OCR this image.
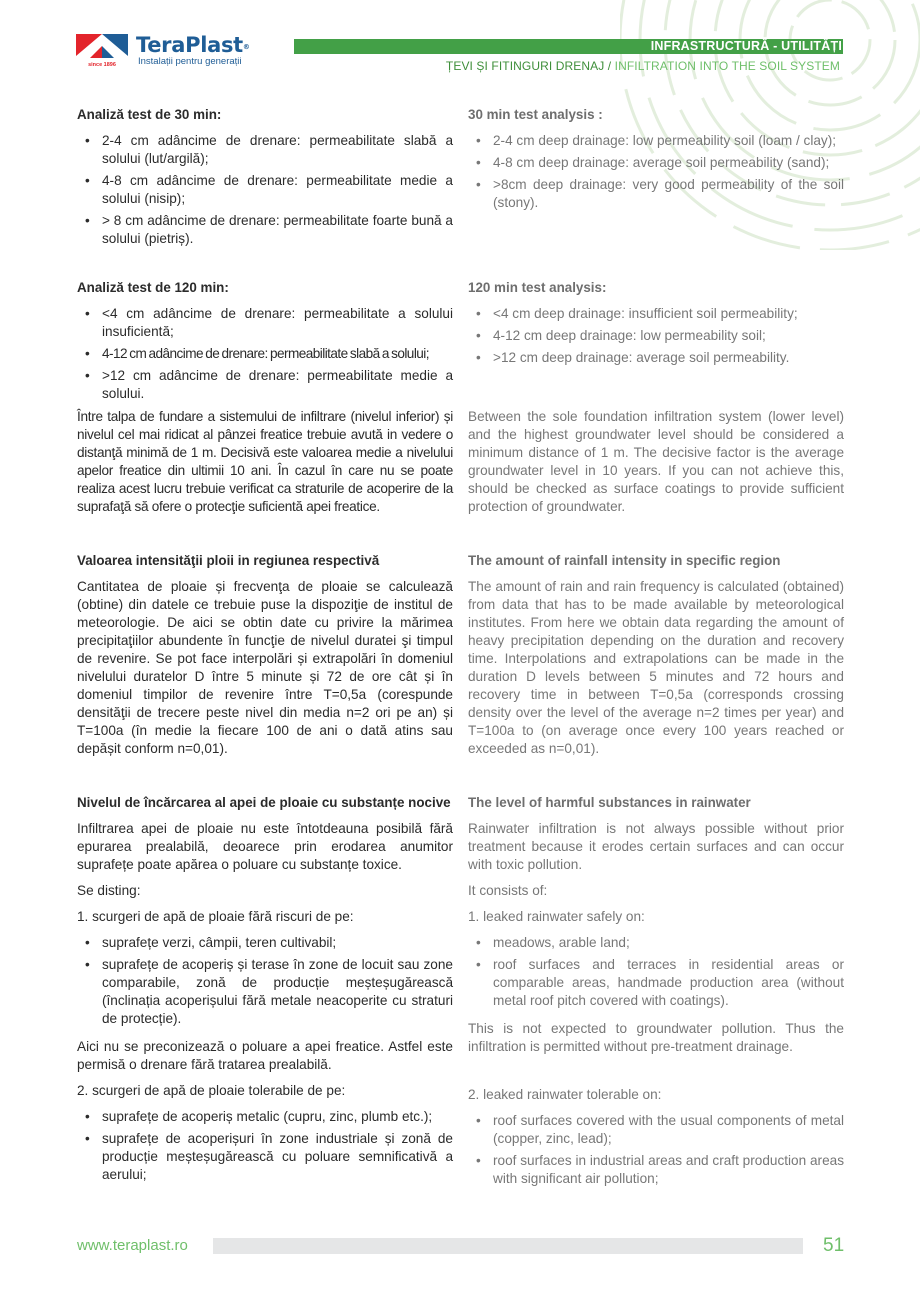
since 1896
TeraPlast®
Instalații pentru generații
INFRASTRUCTURĂ - UTILITĂȚI
ȚEVI ȘI FITINGURI DRENAJ / INFILTRATION INTO THE SOIL SYSTEM
Analiză test de 30 min:
• 2-4 cm adâncime de drenare: permeabilitate slabă a solului (lut/argilă);
• 4-8 cm adâncime de drenare: permeabilitate medie a solului (nisip);
• > 8 cm adâncime de drenare: permeabilitate foarte bună a solului (pietriș).
Analiză test de 120 min:
• <4 cm adâncime de drenare: permeabilitate a solului insuficientă;
• 4-12 cm adâncime de drenare: permeabilitate slabă a solului;
• >12 cm adâncime de drenare: permeabilitate medie a solului.

Între talpa de fundare a sistemului de infiltrare (nivelul inferior) și nivelul cel mai ridicat al pânzei freatice trebuie avută in vedere o distanţă minimă de 1 m. Decisivă este valoarea medie a nivelului apelor freatice din ultimii 10 ani. În cazul în care nu se poate realiza acest lucru trebuie verificat ca straturile de acoperire de la suprafaţă să ofere o protecţie suficientă apei freatice.

Valoarea intensităţii ploii in regiunea respectivă

Cantitatea de ploaie și frecvenţa de ploaie se calculează (obtine) din datele ce trebuie puse la dispoziţie de institul de meteorologie. De aici se obtin date cu privire la mărimea precipitaţiilor abundente în funcţie de nivelul duratei şi timpul de revenire. Se pot face interpolări și extrapolări în domeniul nivelului duratelor D între 5 minute și 72 de ore cât și în domeniul timpilor de revenire între T=0,5a (corespunde densităţii de trecere peste nivel din media n=2 ori pe an) și T=100a (în medie la fiecare 100 de ani o dată atins sau depășit conform n=0,01).

Nivelul de încărcarea al apei de ploaie cu substanțe nocive

Infiltrarea apei de ploaie nu este întotdeauna posibilă fără epurarea prealabilă, deoarece prin erodarea anumitor suprafețe poate apărea o poluare cu substanțe toxice.

Se disting:

1. scurgeri de apă de ploaie fără riscuri de pe:

• suprafețe verzi, câmpii, teren cultivabil;
• suprafețe de acoperiș și terase în zone de locuit sau zone comparabile, zonă de producție meșteșugărească (înclinația acoperișului fără metale neacoperite cu straturi de protecție).

Aici nu se preconizează o poluare a apei freatice. Astfel este permisă o drenare fără tratarea prealabilă.

2. scurgeri de apă de ploaie tolerabile de pe:

• suprafețe de acoperiș metalic (cupru, zinc, plumb etc.);
• suprafețe de acoperișuri în zone industriale și zonă de producție meșteșugărească cu poluare semnificativă a aerului;
30 min test analysis :
• 2-4 cm deep drainage: low permeability soil (loam / clay);
• 4-8 cm deep drainage: average soil permeability (sand);
• >8cm deep drainage: very good permeability of the soil (stony).
120 min test analysis:
• <4 cm deep drainage: insufficient soil permeability;
• 4-12 cm deep drainage: low permeability soil;
• >12 cm deep drainage: average soil permeability.

Between the sole foundation infiltration system (lower level) and the highest groundwater level should be considered a minimum distance of 1 m. The decisive factor is the average groundwater level in 10 years. If you can not achieve this, should be checked as surface coatings to provide sufficient protection of groundwater.

The amount of rainfall intensity in specific region

The amount of rain and rain frequency is calculated (obtained) from data that has to be made available by meteorological institutes. From here we obtain data regarding the amount of heavy precipitation depending on the duration and recovery time. Interpolations and extrapolations can be made in the duration D levels between 5 minutes and 72 hours and recovery time in between T=0,5a (corresponds crossing density over the level of the average n=2 times per year) and T=100a to (on average once every 100 years reached or exceeded as n=0,01).

The level of harmful substances in rainwater

Rainwater infiltration is not always possible without prior treatment because it erodes certain surfaces and can occur with toxic pollution.

It consists of:

1. leaked rainwater safely on:

• meadows, arable land;
• roof surfaces and terraces in residential areas or comparable areas, handmade production area (without metal roof pitch covered with coatings).

This is not expected to groundwater pollution. Thus the infiltration is permitted without pre-treatment drainage.

2. leaked rainwater tolerable on:

• roof surfaces covered with the usual components of metal (copper, zinc, lead);
• roof surfaces in industrial areas and craft production areas with significant air pollution;
www.teraplast.ro	51
